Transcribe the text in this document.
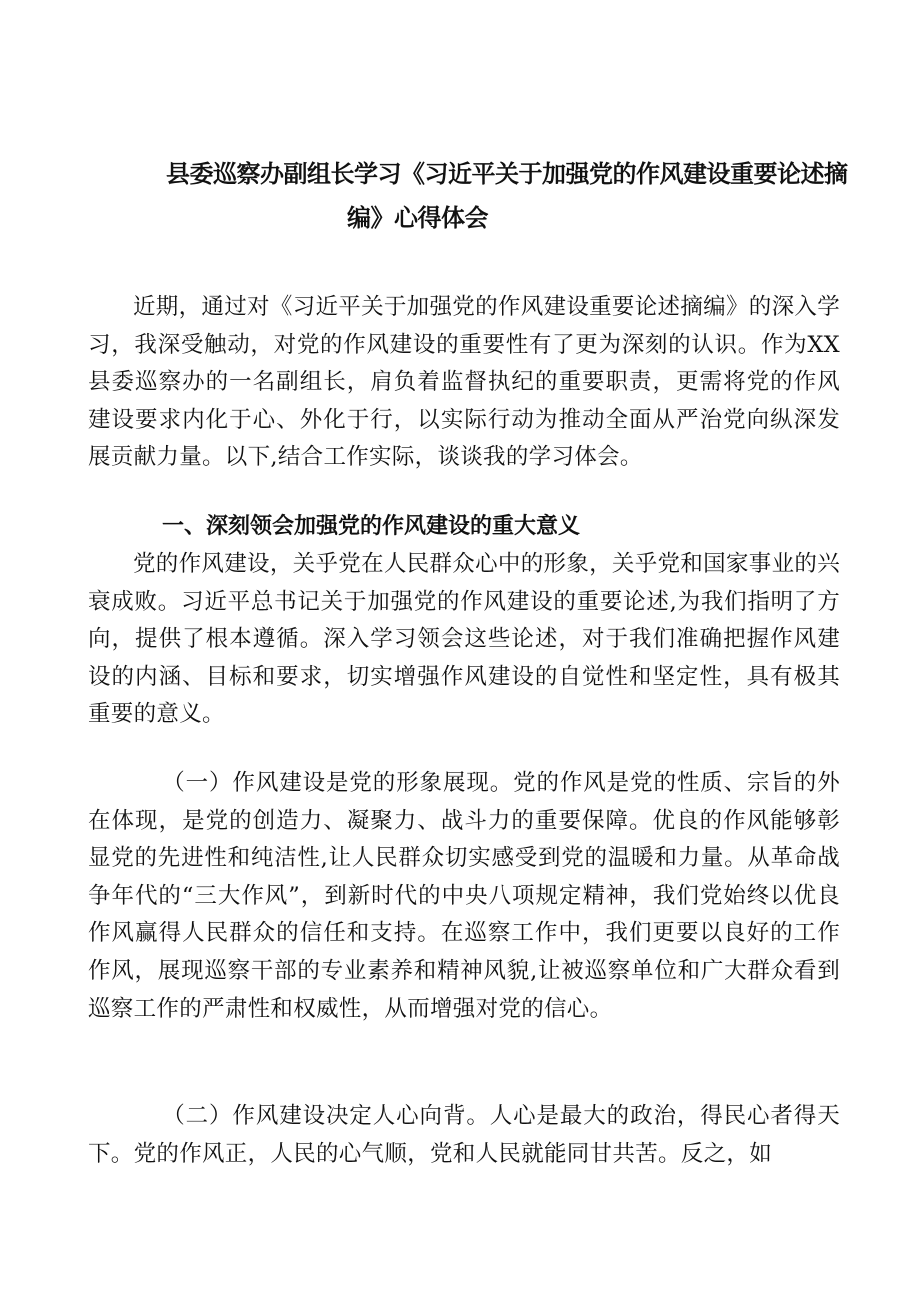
县委巡察办副组长学习《习近平关于加强党的作风建设重要论述摘
编》心得体会

近期，通过对《习近平关于加强党的作风建设重要论述摘编》的深入学习，我深受触动，对党的作风建设的重要性有了更为深刻的认识。作为XX县委巡察办的一名副组长，肩负着监督执纪的重要职责，更需将党的作风建设要求内化于心、外化于行，以实际行动为推动全面从严治党向纵深发展贡献力量。以下,结合工作实际，谈谈我的学习体会。

一、深刻领会加强党的作风建设的重大意义

党的作风建设，关乎党在人民群众心中的形象，关乎党和国家事业的兴衰成败。习近平总书记关于加强党的作风建设的重要论述,为我们指明了方向，提供了根本遵循。深入学习领会这些论述，对于我们准确把握作风建设的内涵、目标和要求，切实增强作风建设的自觉性和坚定性，具有极其重要的意义。

（一）作风建设是党的形象展现。党的作风是党的性质、宗旨的外在体现，是党的创造力、凝聚力、战斗力的重要保障。优良的作风能够彰显党的先进性和纯洁性,让人民群众切实感受到党的温暖和力量。从革命战争年代的“三大作风”，到新时代的中央八项规定精神，我们党始终以优良作风赢得人民群众的信任和支持。在巡察工作中，我们更要以良好的工作作风，展现巡察干部的专业素养和精神风貌,让被巡察单位和广大群众看到巡察工作的严肃性和权威性，从而增强对党的信心。

（二）作风建设决定人心向背。人心是最大的政治，得民心者得天下。党的作风正，人民的心气顺，党和人民就能同甘共苦。反之，如
